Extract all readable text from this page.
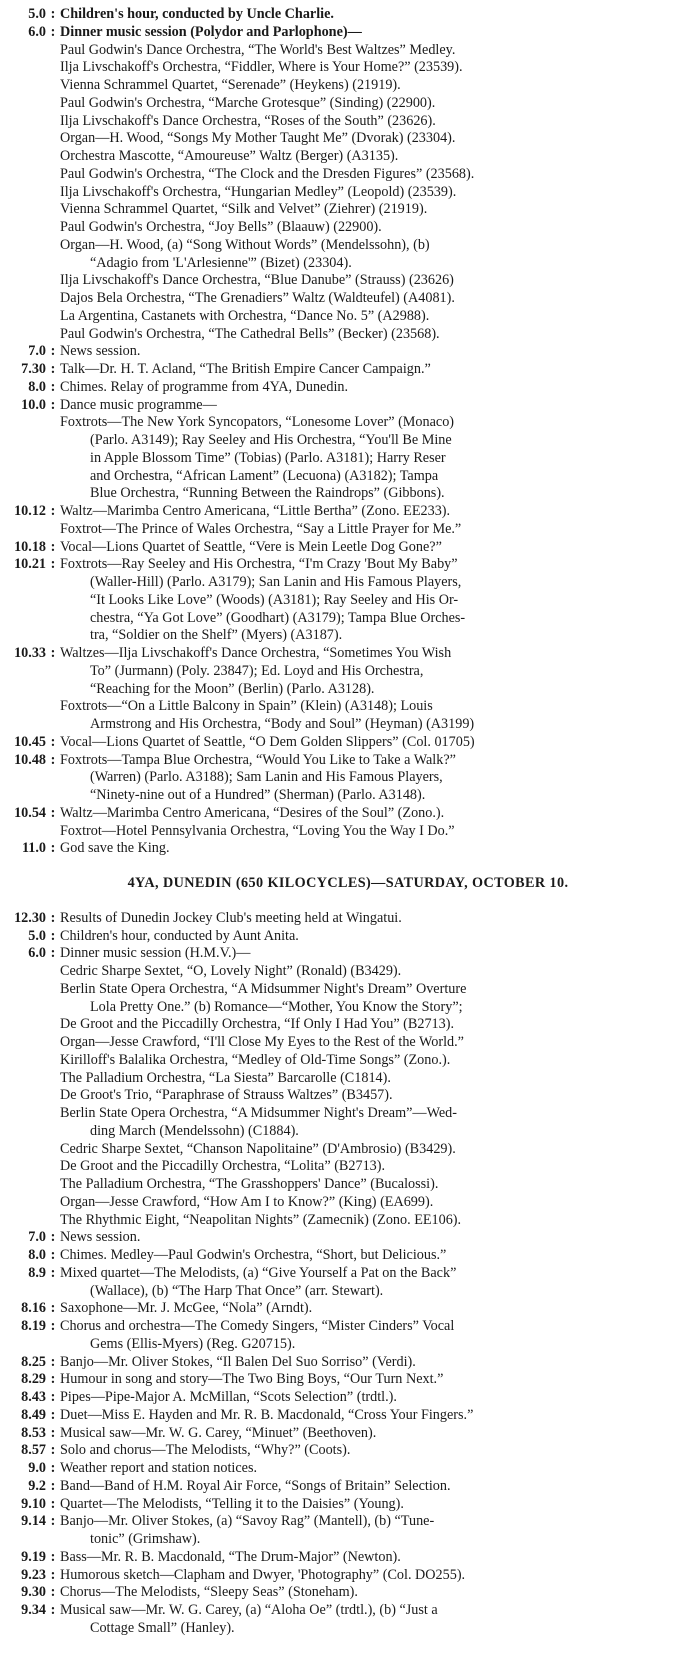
5.0 : Children's hour, conducted by Uncle Charlie.
6.0 : Dinner music session (Polydor and Parlophone)—
Paul Godwin's Dance Orchestra, “The World's Best Waltzes” Medley.
Ilja Livschakoff's Orchestra, “Fiddler, Where is Your Home?” (23539).
Vienna Schrammel Quartet, “Serenade” (Heykens) (21919).
Paul Godwin's Orchestra, “Marche Grotesque” (Sinding) (22900).
Ilja Livschakoff's Dance Orchestra, “Roses of the South” (23626).
Organ—H. Wood, “Songs My Mother Taught Me” (Dvorak) (23304).
Orchestra Mascotte, “Amoureuse” Waltz (Berger) (A3135).
Paul Godwin's Orchestra, “The Clock and the Dresden Figures” (23568).
Ilja Livschakoff's Orchestra, “Hungarian Medley” (Leopold) (23539).
Vienna Schrammel Quartet, “Silk and Velvet” (Ziehrer) (21919).
Paul Godwin's Orchestra, “Joy Bells” (Blaauw) (22900).
Organ—H. Wood, (a) “Song Without Words” (Mendelssohn), (b)
“Adagio from 'L'Arlesienne'” (Bizet) (23304).
Ilja Livschakoff's Dance Orchestra, “Blue Danube” (Strauss) (23626)
Dajos Bela Orchestra, “The Grenadiers” Waltz (Waldteufel) (A4081).
La Argentina, Castanets with Orchestra, “Dance No. 5” (A2988).
Paul Godwin's Orchestra, “The Cathedral Bells” (Becker) (23568).
7.0 : News session.
7.30 : Talk—Dr. H. T. Acland, “The British Empire Cancer Campaign.”
8.0 : Chimes. Relay of programme from 4YA, Dunedin.
10.0 : Dance music programme—
Foxtrots—The New York Syncopators, “Lonesome Lover” (Monaco)
(Parlo. A3149); Ray Seeley and His Orchestra, “You'll Be Mine
in Apple Blossom Time” (Tobias) (Parlo. A3181); Harry Reser
and Orchestra, “African Lament” (Lecuona) (A3182); Tampa
Blue Orchestra, “Running Between the Raindrops” (Gibbons).
10.12 : Waltz—Marimba Centro Americana, “Little Bertha” (Zono. EE233).
Foxtrot—The Prince of Wales Orchestra, “Say a Little Prayer for Me.”
10.18 : Vocal—Lions Quartet of Seattle, “Vere is Mein Leetle Dog Gone?”
10.21 : Foxtrots—Ray Seeley and His Orchestra, “I'm Crazy 'Bout My Baby”
(Waller-Hill) (Parlo. A3179); San Lanin and His Famous Players,
“It Looks Like Love” (Woods) (A3181); Ray Seeley and His Or-
chestra, “Ya Got Love” (Goodhart) (A3179); Tampa Blue Orches-
tra, “Soldier on the Shelf” (Myers) (A3187).
10.33 : Waltzes—Ilja Livschakoff's Dance Orchestra, “Sometimes You Wish
To” (Jurmann) (Poly. 23847); Ed. Loyd and His Orchestra,
“Reaching for the Moon” (Berlin) (Parlo. A3128).
Foxtrots—“On a Little Balcony in Spain” (Klein) (A3148); Louis
Armstrong and His Orchestra, “Body and Soul” (Heyman) (A3199)
10.45 : Vocal—Lions Quartet of Seattle, “O Dem Golden Slippers” (Col. 01705)
10.48 : Foxtrots—Tampa Blue Orchestra, “Would You Like to Take a Walk?”
(Warren) (Parlo. A3188); Sam Lanin and His Famous Players,
“Ninety-nine out of a Hundred” (Sherman) (Parlo. A3148).
10.54 : Waltz—Marimba Centro Americana, “Desires of the Soul” (Zono.).
Foxtrot—Hotel Pennsylvania Orchestra, “Loving You the Way I Do.”
11.0 : God save the King.
4YA, DUNEDIN (650 KILOCYCLES)—SATURDAY, OCTOBER 10.
12.30 : Results of Dunedin Jockey Club's meeting held at Wingatui.
5.0 : Children's hour, conducted by Aunt Anita.
6.0 : Dinner music session (H.M.V.)—
Cedric Sharpe Sextet, “O, Lovely Night” (Ronald) (B3429).
Berlin State Opera Orchestra, “A Midsummer Night's Dream” Overture
Lola Pretty One.” (b) Romance—“Mother, You Know the Story”;
De Groot and the Piccadilly Orchestra, “If Only I Had You” (B2713).
Organ—Jesse Crawford, “I'll Close My Eyes to the Rest of the World.”
Kirilloff's Balalika Orchestra, “Medley of Old-Time Songs” (Zono.).
The Palladium Orchestra, “La Siesta” Barcarolle (C1814).
De Groot's Trio, “Paraphrase of Strauss Waltzes” (B3457).
Berlin State Opera Orchestra, “A Midsummer Night's Dream”—Wed-
ding March (Mendelssohn) (C1884).
Cedric Sharpe Sextet, “Chanson Napolitaine” (D'Ambrosio) (B3429).
De Groot and the Piccadilly Orchestra, “Lolita” (B2713).
The Palladium Orchestra, “The Grasshoppers' Dance” (Bucalossi).
Organ—Jesse Crawford, “How Am I to Know?” (King) (EA699).
The Rhythmic Eight, “Neapolitan Nights” (Zamecnik) (Zono. EE106).
7.0 : News session.
8.0 : Chimes. Medley—Paul Godwin's Orchestra, “Short, but Delicious.”
8.9 : Mixed quartet—The Melodists, (a) “Give Yourself a Pat on the Back”
(Wallace), (b) “The Harp That Once” (arr. Stewart).
8.16 : Saxophone—Mr. J. McGee, “Nola” (Arndt).
8.19 : Chorus and orchestra—The Comedy Singers, “Mister Cinders” Vocal
Gems (Ellis-Myers) (Reg. G20715).
8.25 : Banjo—Mr. Oliver Stokes, “Il Balen Del Suo Sorriso” (Verdi).
8.29 : Humour in song and story—The Two Bing Boys, “Our Turn Next.”
8.43 : Pipes—Pipe-Major A. McMillan, “Scots Selection” (trdtl.).
8.49 : Duet—Miss E. Hayden and Mr. R. B. Macdonald, “Cross Your Fingers.”
8.53 : Musical saw—Mr. W. G. Carey, “Minuet” (Beethoven).
8.57 : Solo and chorus—The Melodists, “Why?” (Coots).
9.0 : Weather report and station notices.
9.2 : Band—Band of H.M. Royal Air Force, “Songs of Britain” Selection.
9.10 : Quartet—The Melodists, “Telling it to the Daisies” (Young).
9.14 : Banjo—Mr. Oliver Stokes, (a) “Savoy Rag” (Mantell), (b) “Tune-
tonic” (Grimshaw).
9.19 : Bass—Mr. R. B. Macdonald, “The Drum-Major” (Newton).
9.23 : Humorous sketch—Clapham and Dwyer, 'Photography” (Col. DO255).
9.30 : Chorus—The Melodists, “Sleepy Seas” (Stoneham).
9.34 : Musical saw—Mr. W. G. Carey, (a) “Aloha Oe” (trdtl.), (b) “Just a
Cottage Small” (Hanley).
